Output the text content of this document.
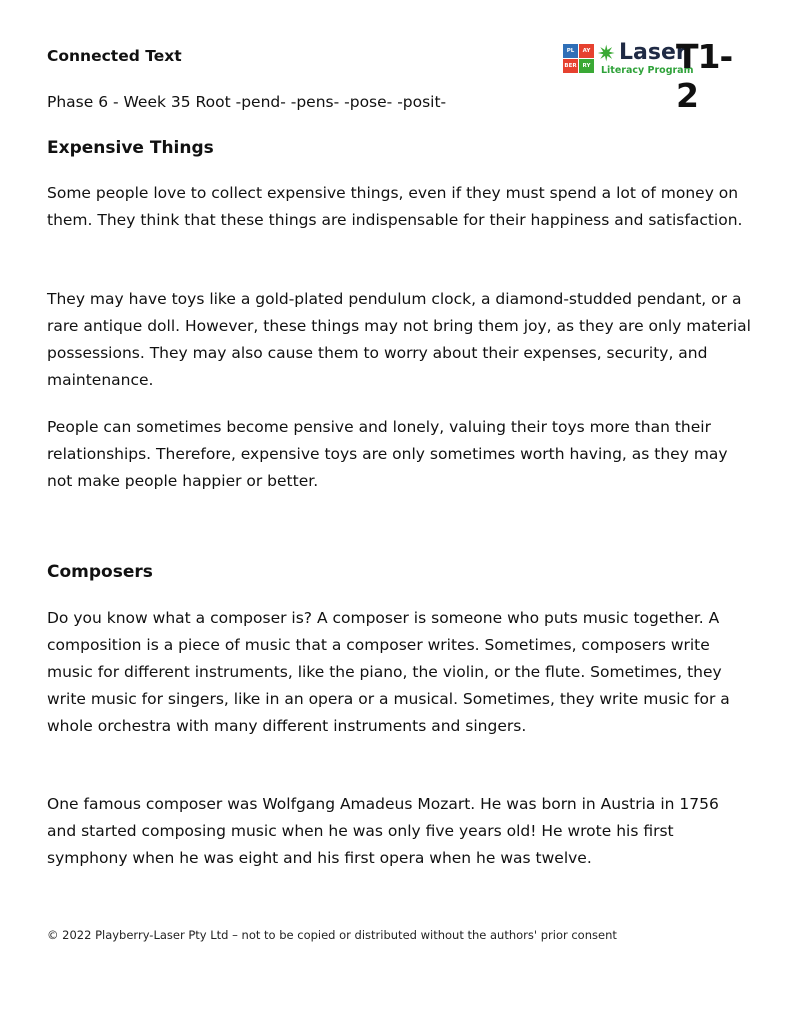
Connected Text
Phase 6 - Week 35 Root -pend- -pens- -pose- -posit-
PL	AY
BER	RY ✷ Laser
Literacy Program
T1-2
Expensive Things

Some people love to collect expensive things, even if they must spend a lot of money on them. They think that these things are indispensable for their happiness and satisfaction.

They may have toys like a gold-plated pendulum clock, a diamond-studded pendant, or a rare antique doll. However, these things may not bring them joy, as they are only material possessions. They may also cause them to worry about their expenses, security, and maintenance.

People can sometimes become pensive and lonely, valuing their toys more than their relationships. Therefore, expensive toys are only sometimes worth having, as they may not make people happier or better.

Composers

Do you know what a composer is? A composer is someone who puts music together. A composition is a piece of music that a composer writes. Sometimes, composers write music for different instruments, like the piano, the violin, or the flute. Sometimes, they write music for singers, like in an opera or a musical. Sometimes, they write music for a whole orchestra with many different instruments and singers.

One famous composer was Wolfgang Amadeus Mozart. He was born in Austria in 1756 and started composing music when he was only five years old! He wrote his first symphony when he was eight and his first opera when he was twelve.

© 2022 Playberry-Laser Pty Ltd – not to be copied or distributed without the authors' prior consent
